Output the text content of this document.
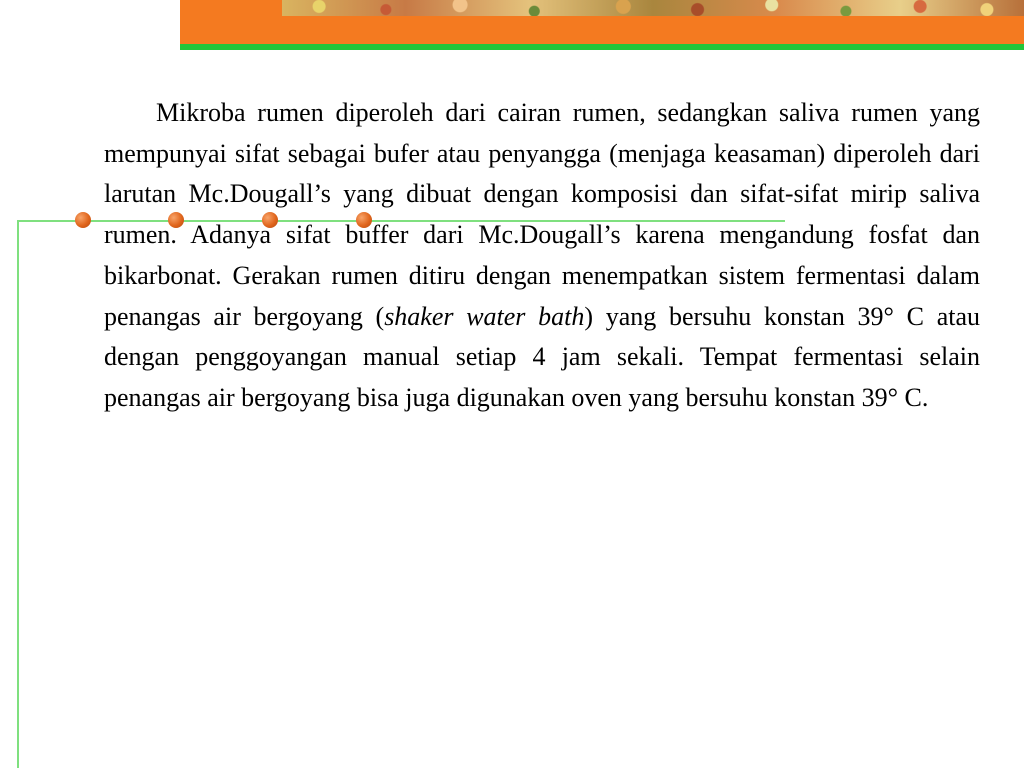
Mikroba rumen diperoleh dari cairan rumen, sedangkan saliva rumen yang mempunyai sifat sebagai bufer atau penyangga (menjaga keasaman) diperoleh dari larutan Mc.Dougall’s yang dibuat dengan komposisi dan sifat-sifat mirip saliva rumen. Adanya sifat buffer dari Mc.Dougall’s karena mengandung fosfat dan bikarbonat. Gerakan rumen ditiru dengan menempatkan sistem fermentasi dalam penangas air bergoyang (shaker water bath) yang bersuhu konstan 39° C atau dengan penggoyangan manual setiap 4 jam sekali. Tempat fermentasi selain penangas air bergoyang bisa juga digunakan oven yang bersuhu konstan 39° C.
